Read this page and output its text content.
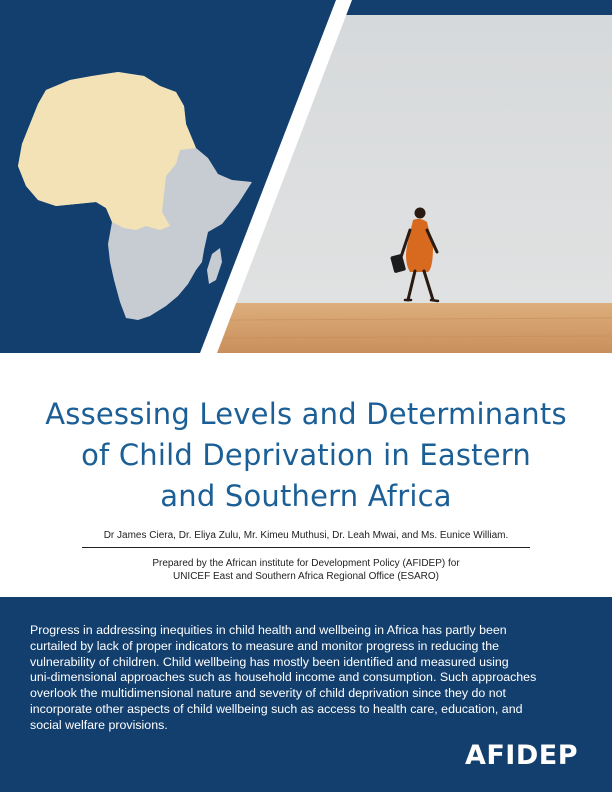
Assessing Levels and Determinants
of Child Deprivation in Eastern
and Southern Africa
Dr James Ciera, Dr. Eliya Zulu, Mr. Kimeu Muthusi, Dr. Leah Mwai, and Ms. Eunice William.
Prepared by the African institute for Development Policy (AFIDEP) for
UNICEF East and Southern Africa Regional Office (ESARO)
Progress in addressing inequities in child health and wellbeing in Africa has partly been
curtailed by lack of proper indicators to measure and monitor progress in reducing the
vulnerability of children. Child wellbeing has mostly been identified and measured using
uni-dimensional approaches such as household income and consumption. Such approaches
overlook the multidimensional nature and severity of child deprivation since they do not
incorporate other aspects of child wellbeing such as access to health care, education, and
social welfare provisions.
AFIDEP
